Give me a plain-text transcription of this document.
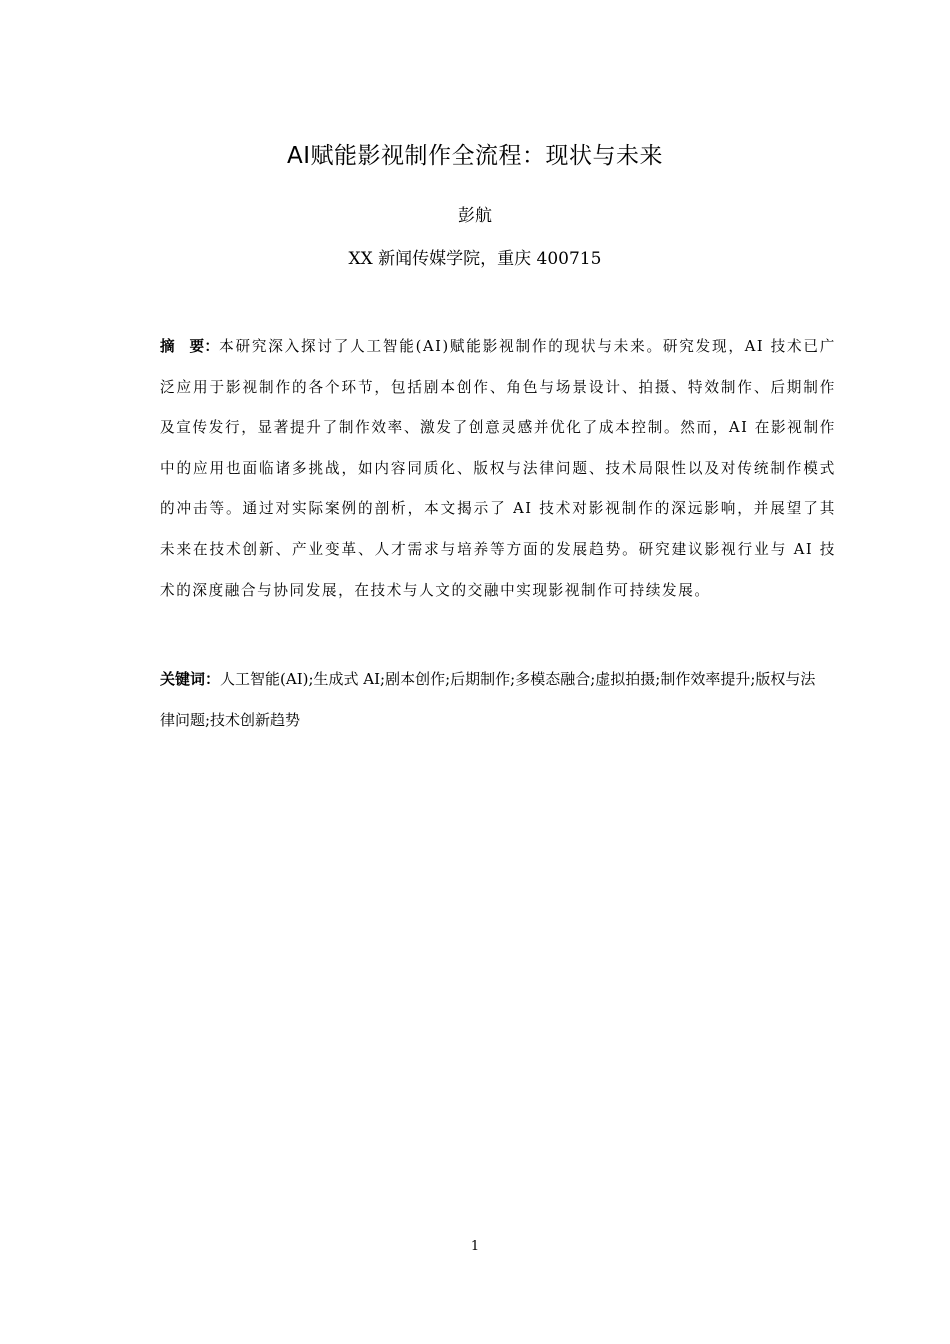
AI赋能影视制作全流程：现状与未来
彭航
XX 新闻传媒学院，重庆 400715

摘　要：本研究深入探讨了人工智能(AI)赋能影视制作的现状与未来。研究发现，AI 技术已广泛应用于影视制作的各个环节，包括剧本创作、角色与场景设计、拍摄、特效制作、后期制作及宣传发行，显著提升了制作效率、激发了创意灵感并优化了成本控制。然而，AI 在影视制作中的应用也面临诸多挑战，如内容同质化、版权与法律问题、技术局限性以及对传统制作模式的冲击等。通过对实际案例的剖析，本文揭示了 AI 技术对影视制作的深远影响，并展望了其未来在技术创新、产业变革、人才需求与培养等方面的发展趋势。研究建议影视行业与 AI 技术的深度融合与协同发展，在技术与人文的交融中实现影视制作可持续发展。

关键词：人工智能(AI);生成式 AI;剧本创作;后期制作;多模态融合;虚拟拍摄;制作效率提升;版权与法律问题;技术创新趋势

1
